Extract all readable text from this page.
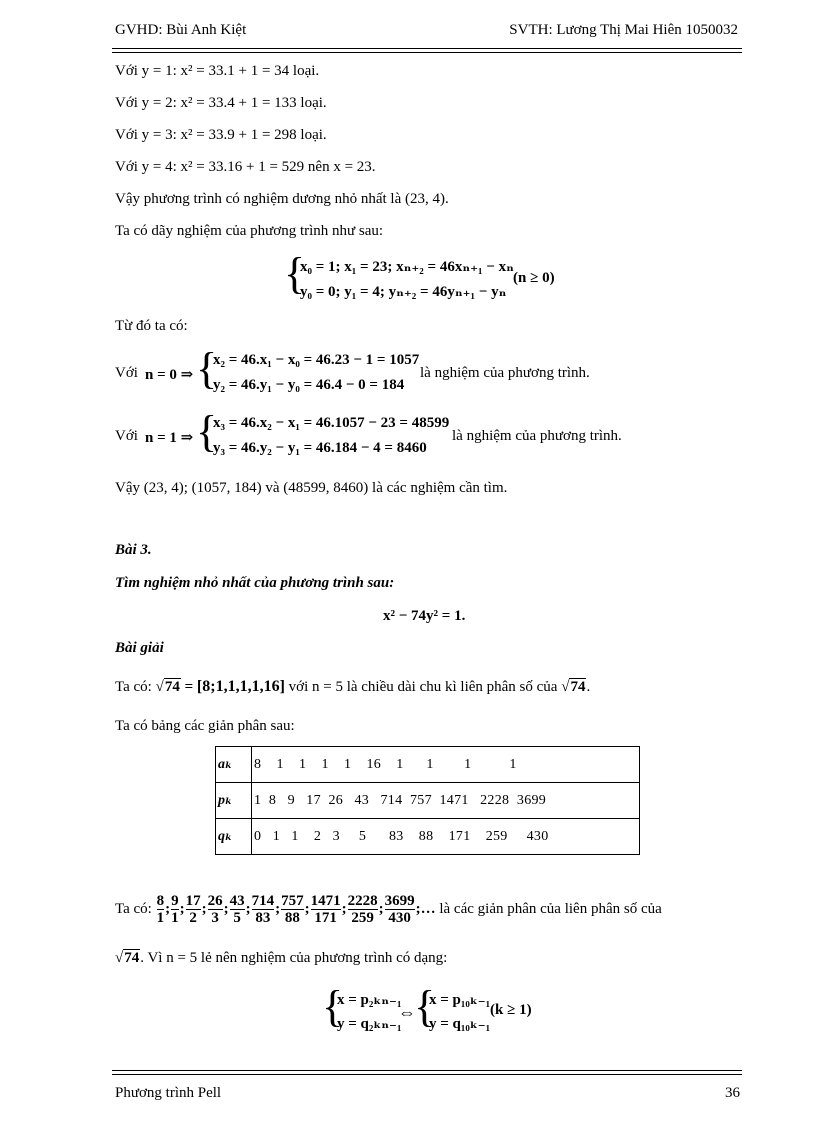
GVHD: Bùi Anh Kiệt	SVTH: Lương Thị Mai Hiên 1050032
Với y = 1: x² = 33.1 + 1 = 34 loại.
Với y = 2: x² = 33.4 + 1 = 133 loại.
Với y = 3: x² = 33.9 + 1 = 298 loại.
Với y = 4: x² = 33.16 + 1 = 529 nên x = 23.
Vậy phương trình có nghiệm dương nhỏ nhất là (23, 4).
Ta có dãy nghiệm của phương trình như sau:
{
x₀ = 1; x₁ = 23; xₙ₊₂ = 46xₙ₊₁ − xₙ
y₀ = 0; y₁ = 4; yₙ₊₂ = 46yₙ₊₁ − yₙ
(n ≥ 0)
Từ đó ta có:
Với n = 0 ⇒ {
x₂ = 46.x₁ − x₀ = 46.23 − 1 = 1057
y₂ = 46.y₁ − y₀ = 46.4 − 0 = 184
là nghiệm của phương trình.
Với n = 1 ⇒ {
x₃ = 46.x₂ − x₁ = 46.1057 − 23 = 48599
y₃ = 46.y₂ − y₁ = 46.184 − 4 = 8460
là nghiệm của phương trình.
Vậy (23, 4); (1057, 184) và (48599, 8460) là các nghiệm cần tìm.
Bài 3.
Tìm nghiệm nhỏ nhất của phương trình sau:
x² − 74y² = 1.
Bài giải
Ta có: √74 = [8;1,1,1,1,16] với n = 5 là chiều dài chu kì liên phân số của √74.
Ta có bảng các giản phân sau:
aₖ	8    1    1    1    1    16    1      1        1          1
pₖ	1  8   9   17  26   43   714  757  1471   2228  3699
qₖ	0   1   1    2   3     5      83    88    171    259     430
Ta có: $\frac{8}{1}$ ; $\frac{9}{1}$ ; $\frac{17}{2}$ ; $\frac{26}{3}$ ; $\frac{43}{5}$ ; $\frac{714}{83}$ ; $\frac{757}{88}$ ; $\frac{1471}{171}$ ; $\frac{2228}{259}$ ; $\frac{3699}{430}$ ;… là các giản phân của liên phân số của
√74. Vì n = 5 lẻ nên nghiệm của phương trình có dạng:
{
x = p₂ₖₙ₋₁
y = q₂ₖₙ₋₁
⇔
{
x = p₁₀ₖ₋₁
y = q₁₀ₖ₋₁
(k ≥ 1)
Phương trình Pell	36
